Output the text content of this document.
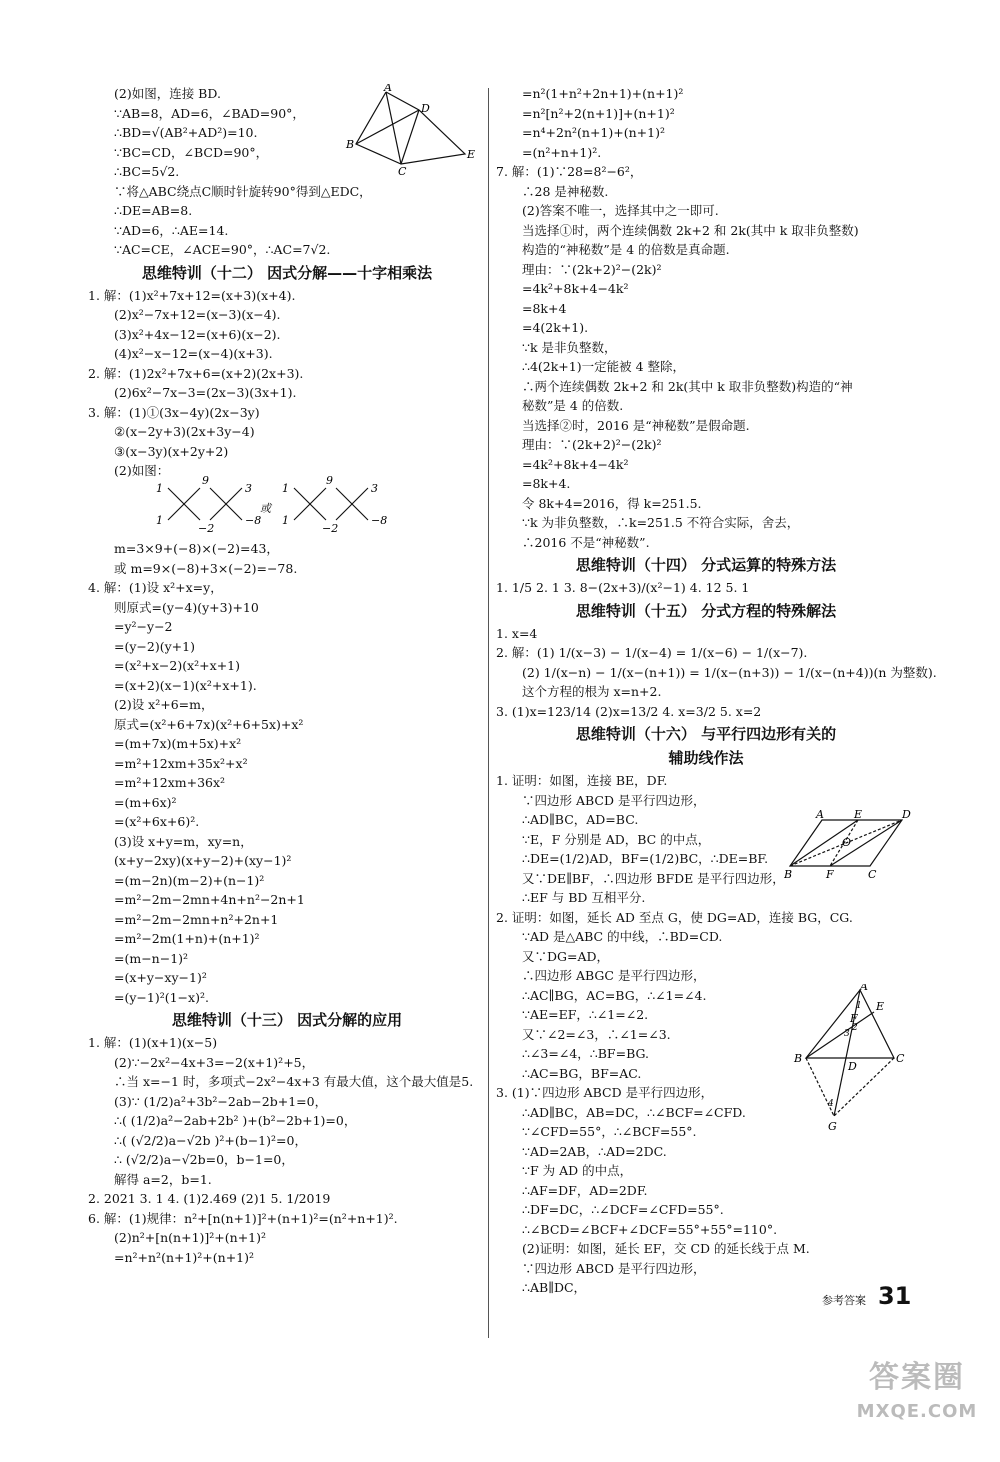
(2)如图，连接 BD.
∵AB=8，AD=6，∠BAD=90°，
∴BD=√(AB²+AD²)=10.
∵BC=CD，∠BCD=90°，
∴BC=5√2.
∵将△ABC绕点C顺时针旋转90°得到△EDC，
∴DE=AB=8.
∵AD=6，∴AE=14.
∵AC=CE，∠ACE=90°，∴AC=7√2.
思维特训（十二） 因式分解——十字相乘法
1. 解：(1)x²+7x+12=(x+3)(x+4).
(2)x²−7x+12=(x−3)(x−4).
(3)x²+4x−12=(x+6)(x−2).
(4)x²−x−12=(x−4)(x+3).
2. 解：(1)2x²+7x+6=(x+2)(2x+3).
(2)6x²−7x−3=(2x−3)(3x+1).
3. 解：(1)①(3x−4y)(2x−3y)
②(x−2y+3)(2x+3y−4)
③(x−3y)(x+2y+2)
(2)如图：
m=3×9+(−8)×(−2)=43，
或 m=9×(−8)+3×(−2)=−78.
4. 解：(1)设 x²+x=y，
则原式=(y−4)(y+3)+10
=y²−y−2
=(y−2)(y+1)
=(x²+x−2)(x²+x+1)
=(x+2)(x−1)(x²+x+1).
(2)设 x²+6=m，
原式=(x²+6+7x)(x²+6+5x)+x²
=(m+7x)(m+5x)+x²
=m²+12xm+35x²+x²
=m²+12xm+36x²
=(m+6x)²
=(x²+6x+6)².
(3)设 x+y=m，xy=n，
(x+y−2xy)(x+y−2)+(xy−1)²
=(m−2n)(m−2)+(n−1)²
=m²−2m−2mn+4n+n²−2n+1
=m²−2m−2mn+n²+2n+1
=m²−2m(1+n)+(n+1)²
=(m−n−1)²
=(x+y−xy−1)²
=(y−1)²(1−x)².
思维特训（十三） 因式分解的应用
1. 解：(1)(x+1)(x−5)
(2)∵−2x²−4x+3=−2(x+1)²+5，
∴当 x=−1 时，多项式−2x²−4x+3 有最大值，这个最大值是5.
(3)∵ (1/2)a²+3b²−2ab−2b+1=0，
∴( (1/2)a²−2ab+2b² )+(b²−2b+1)=0，
∴( (√2/2)a−√2b )²+(b−1)²=0，
∴ (√2/2)a−√2b=0，b−1=0，
解得 a=2，b=1.
2. 2021 3. 1 4. (1)2.469 (2)1 5. 1/2019
6. 解：(1)规律：n²+[n(n+1)]²+(n+1)²=(n²+n+1)².
(2)n²+[n(n+1)]²+(n+1)²
=n²+n²(n+1)²+(n+1)²
=n²(1+n²+2n+1)+(n+1)²
=n²[n²+2(n+1)]+(n+1)²
=n⁴+2n²(n+1)+(n+1)²
=(n²+n+1)².
7. 解：(1)∵28=8²−6²，
∴28 是神秘数.
(2)答案不唯一，选择其中之一即可.
当选择①时，两个连续偶数 2k+2 和 2k(其中 k 取非负整数)
构造的“神秘数”是 4 的倍数是真命题.
理由：∵(2k+2)²−(2k)²
=4k²+8k+4−4k²
=8k+4
=4(2k+1).
∵k 是非负整数，
∴4(2k+1)一定能被 4 整除，
∴两个连续偶数 2k+2 和 2k(其中 k 取非负整数)构造的“神
秘数”是 4 的倍数.
当选择②时，2016 是“神秘数”是假命题.
理由：∵(2k+2)²−(2k)²
=4k²+8k+4−4k²
=8k+4.
令 8k+4=2016，得 k=251.5.
∵k 为非负整数，∴k=251.5 不符合实际，舍去，
∴2016 不是“神秘数”.
思维特训（十四） 分式运算的特殊方法
1. 1/5 2. 1 3. 8−(2x+3)/(x²−1) 4. 12 5. 1
思维特训（十五） 分式方程的特殊解法
1. x=4
2. 解：(1) 1/(x−3) − 1/(x−4) = 1/(x−6) − 1/(x−7).
(2) 1/(x−n) − 1/(x−(n+1)) = 1/(x−(n+3)) − 1/(x−(n+4))(n 为整数).
这个方程的根为 x=n+2.
3. (1)x=123/14 (2)x=13/2 4. x=3/2 5. x=2
思维特训（十六） 与平行四边形有关的
辅助线作法
1. 证明：如图，连接 BE，DF.
∵四边形 ABCD 是平行四边形，
∴AD∥BC，AD=BC.
∵E，F 分别是 AD，BC 的中点，
∴DE=(1/2)AD，BF=(1/2)BC，∴DE=BF.
又∵DE∥BF，∴四边形 BFDE 是平行四边形，
∴EF 与 BD 互相平分.
2. 证明：如图，延长 AD 至点 G，使 DG=AD，连接 BG，CG.
∵AD 是△ABC 的中线，∴BD=CD.
又∵DG=AD，
∴四边形 ABGC 是平行四边形，
∴AC∥BG，AC=BG，∴∠1=∠4.
∵AE=EF，∴∠1=∠2.
又∵∠2=∠3，∴∠1=∠3.
∴∠3=∠4，∴BF=BG.
∴AC=BG，BF=AC.
3. (1)∵四边形 ABCD 是平行四边形，
∴AD∥BC，AB=DC，∴∠BCF=∠CFD.
∵∠CFD=55°，∴∠BCF=55°.
∵AD=2AB，∴AD=2DC.
∵F 为 AD 的中点，
∴AF=DF，AD=2DF.
∴DF=DC，∴∠DCF=∠CFD=55°.
∴∠BCD=∠BCF+∠DCF=55°+55°=110°.
(2)证明：如图，延长 EF，交 CD 的延长线于点 M.
∵四边形 ABCD 是平行四边形，
∴AB∥DC，
A
D
B
C
E
1
9
1
3
−2
−8
或
1
9
1
3
−2
−8
A	E	D
B	F	C
O
A
E
F
B
D
C
G
1
2
3
4
参考答案 31
答案圈
MXQE.COM
